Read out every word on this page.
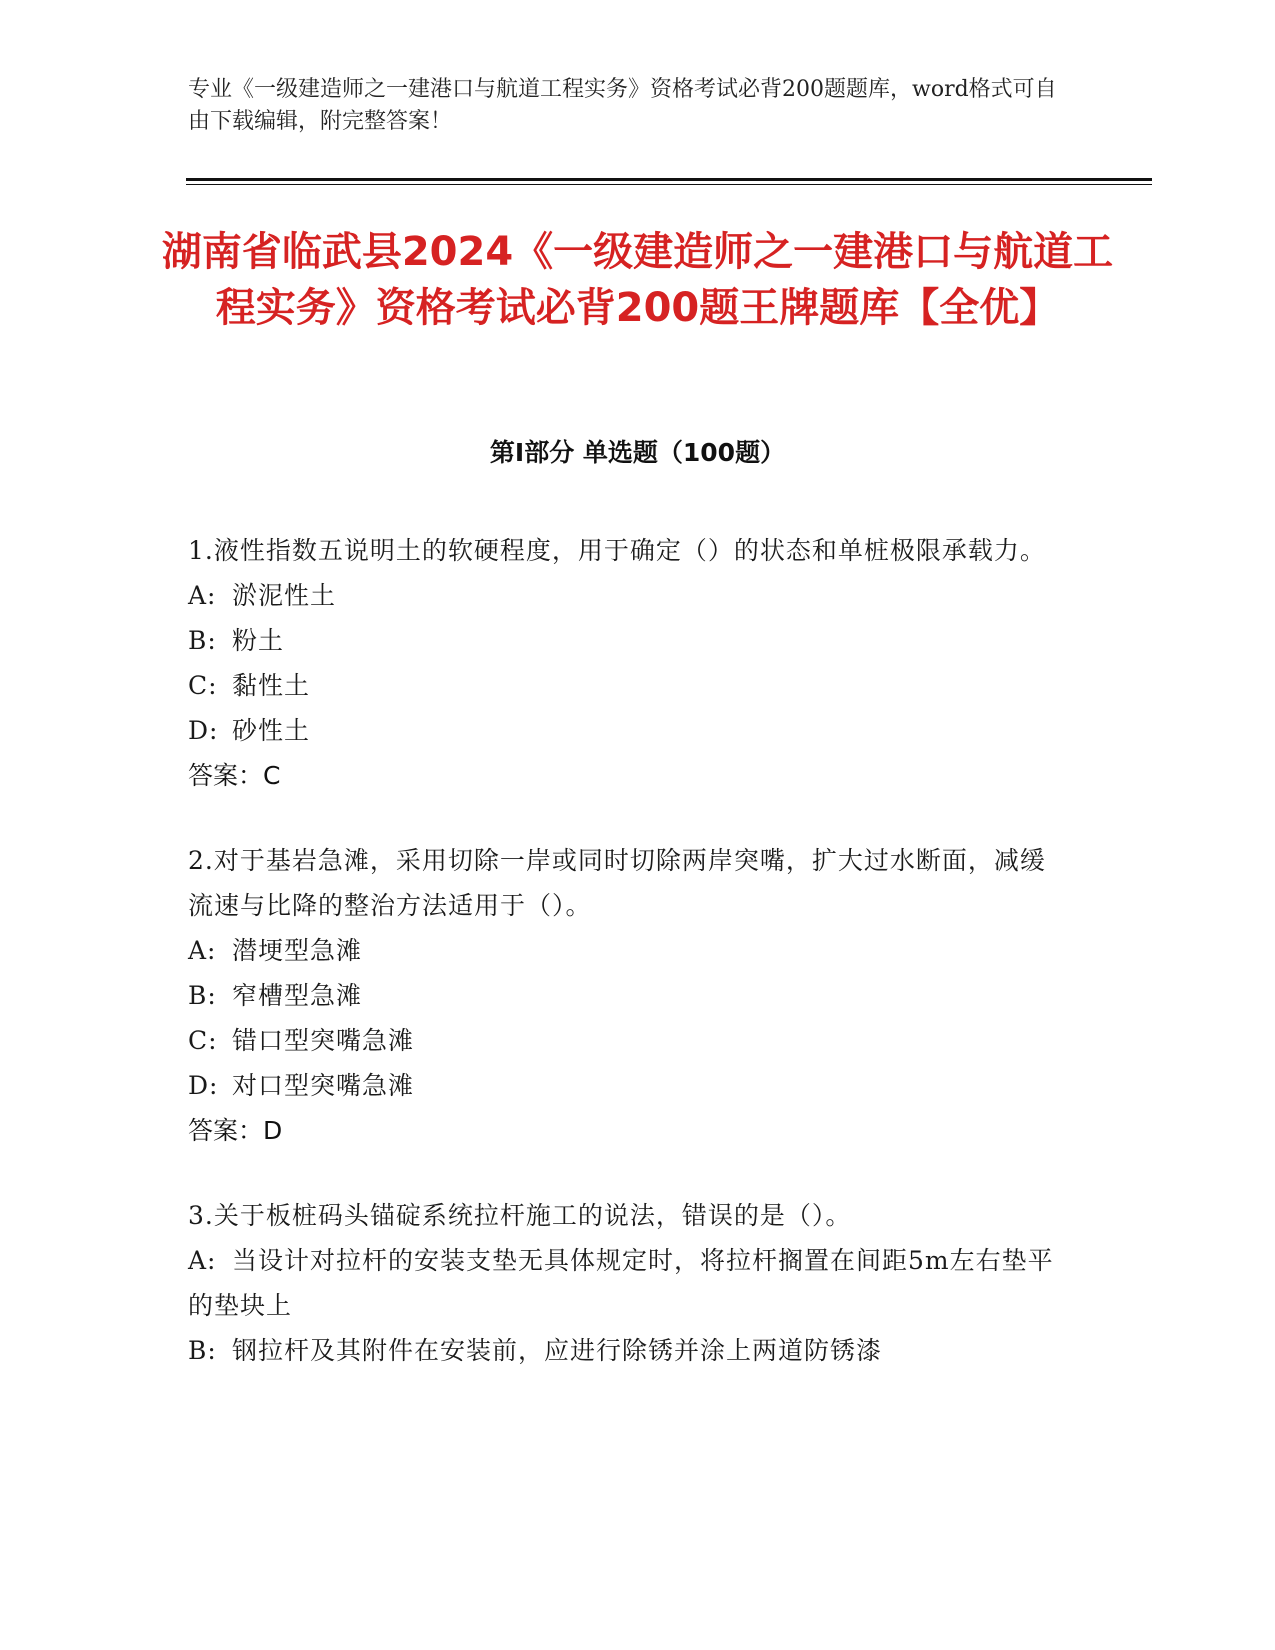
专业《一级建造师之一建港口与航道工程实务》资格考试必背200题题库，word格式可自由下载编辑，附完整答案！
湖南省临武县2024《一级建造师之一建港口与航道工程实务》资格考试必背200题王牌题库【全优】
第Ⅰ部分 单选题（100题）
1.液性指数五说明土的软硬程度，用于确定（）的状态和单桩极限承载力。
A: 淤泥性土
B: 粉土
C: 黏性土
D: 砂性土
答案：C
2.对于基岩急滩，采用切除一岸或同时切除两岸突嘴，扩大过水断面，减缓流速与比降的整治方法适用于（）。
A: 潜埂型急滩
B: 窄槽型急滩
C: 错口型突嘴急滩
D: 对口型突嘴急滩
答案：D
3.关于板桩码头锚碇系统拉杆施工的说法，错误的是（）。
A: 当设计对拉杆的安装支垫无具体规定时，将拉杆搁置在间距5m左右垫平的垫块上
B: 钢拉杆及其附件在安装前，应进行除锈并涂上两道防锈漆
